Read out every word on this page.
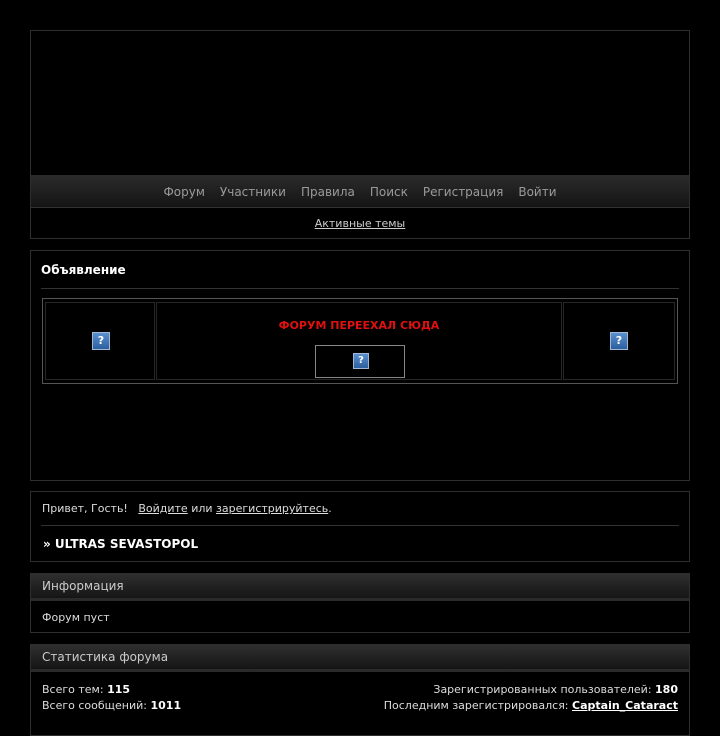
Форум Участники Правила Поиск Регистрация Войти
Активные темы
Объявление
?
ФОРУМ ПЕРЕЕХАЛ СЮДА
?
?
Привет, Гость! Войдите или зарегистрируйтесь.
» ULTRAS SEVASTOPOL
Информация
Форум пуст
Статистика форума
Всего тем: 115
Всего сообщений: 1011
Зарегистрированных пользователей: 180
Последним зарегистрировался: Captain_Cataract
